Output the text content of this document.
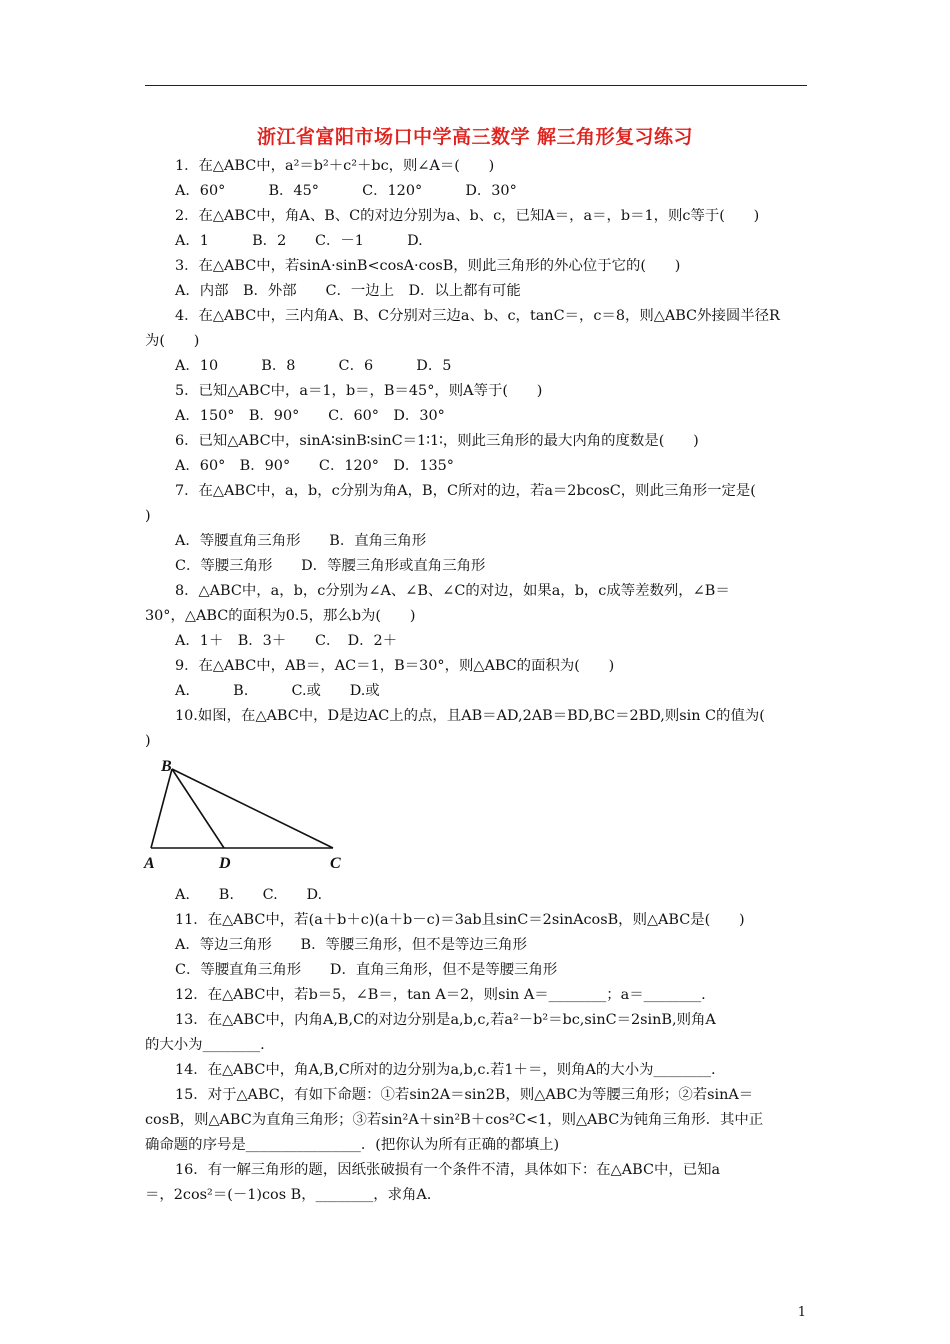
浙江省富阳市场口中学高三数学 解三角形复习练习
1．在△ABC中，a²＝b²＋c²＋bc，则∠A＝(　　)
A．60°　　　B．45°　　　C．120°　　　D．30°
2．在△ABC中，角A、B、C的对边分别为a、b、c，已知A＝，a＝，b＝1，则c等于(　　)
A．1　　　B．2　　C．－1　　　D.
3．在△ABC中，若sinA·sinB<cosA·cosB，则此三角形的外心位于它的(　　)
A．内部　B．外部　　C．一边上　D．以上都有可能
4．在△ABC中，三内角A、B、C分别对三边a、b、c，tanC＝，c＝8，则△ABC外接圆半径R
为(　　)
A．10　　　B．8　　　C．6　　　D．5
5．已知△ABC中，a＝1，b＝，B＝45°，则A等于(　　)
A．150°　B．90°　　C．60°　D．30°
6．已知△ABC中，sinA∶sinB∶sinC＝1∶1∶，则此三角形的最大内角的度数是(　　)
A．60°　B．90°　　C．120°　D．135°
7．在△ABC中，a，b，c分别为角A，B，C所对的边，若a＝2bcosC，则此三角形一定是(
)
A．等腰直角三角形　　B．直角三角形
C．等腰三角形　　D．等腰三角形或直角三角形
8．△ABC中，a，b，c分别为∠A、∠B、∠C的对边，如果a，b，c成等差数列，∠B＝
30°，△ABC的面积为0.5，那么b为(　　)
A．1＋　B．3＋　　C．　D．2＋
9．在△ABC中，AB＝，AC＝1，B＝30°，则△ABC的面积为(　　)
A.　　　B.　　　C.或　　D.或
10.如图，在△ABC中，D是边AC上的点，且AB＝AD,2AB＝BD,BC＝2BD,则sin C的值为(
)
B
A	D	C
A.　　B.　　C.　　D.
11．在△ABC中，若(a＋b＋c)(a＋b－c)＝3ab且sinC＝2sinAcosB，则△ABC是(　　)
A．等边三角形　　B．等腰三角形，但不是等边三角形
C．等腰直角三角形　　D．直角三角形，但不是等腰三角形
12．在△ABC中，若b＝5，∠B＝，tan A＝2，则sin A＝________；a＝________.
13．在△ABC中，内角A,B,C的对边分别是a,b,c,若a²－b²＝bc,sinC＝2sinB,则角A
的大小为________.
14．在△ABC中，角A,B,C所对的边分别为a,b,c.若1＋＝，则角A的大小为________.
15．对于△ABC，有如下命题：①若sin2A＝sin2B，则△ABC为等腰三角形；②若sinA＝
cosB，则△ABC为直角三角形；③若sin²A＋sin²B＋cos²C<1，则△ABC为钝角三角形．其中正
确命题的序号是________________．(把你认为所有正确的都填上)
16．有一解三角形的题，因纸张破损有一个条件不清，具体如下：在△ABC中，已知a
＝，2cos²＝(－1)cos B，________，求角A.
1
